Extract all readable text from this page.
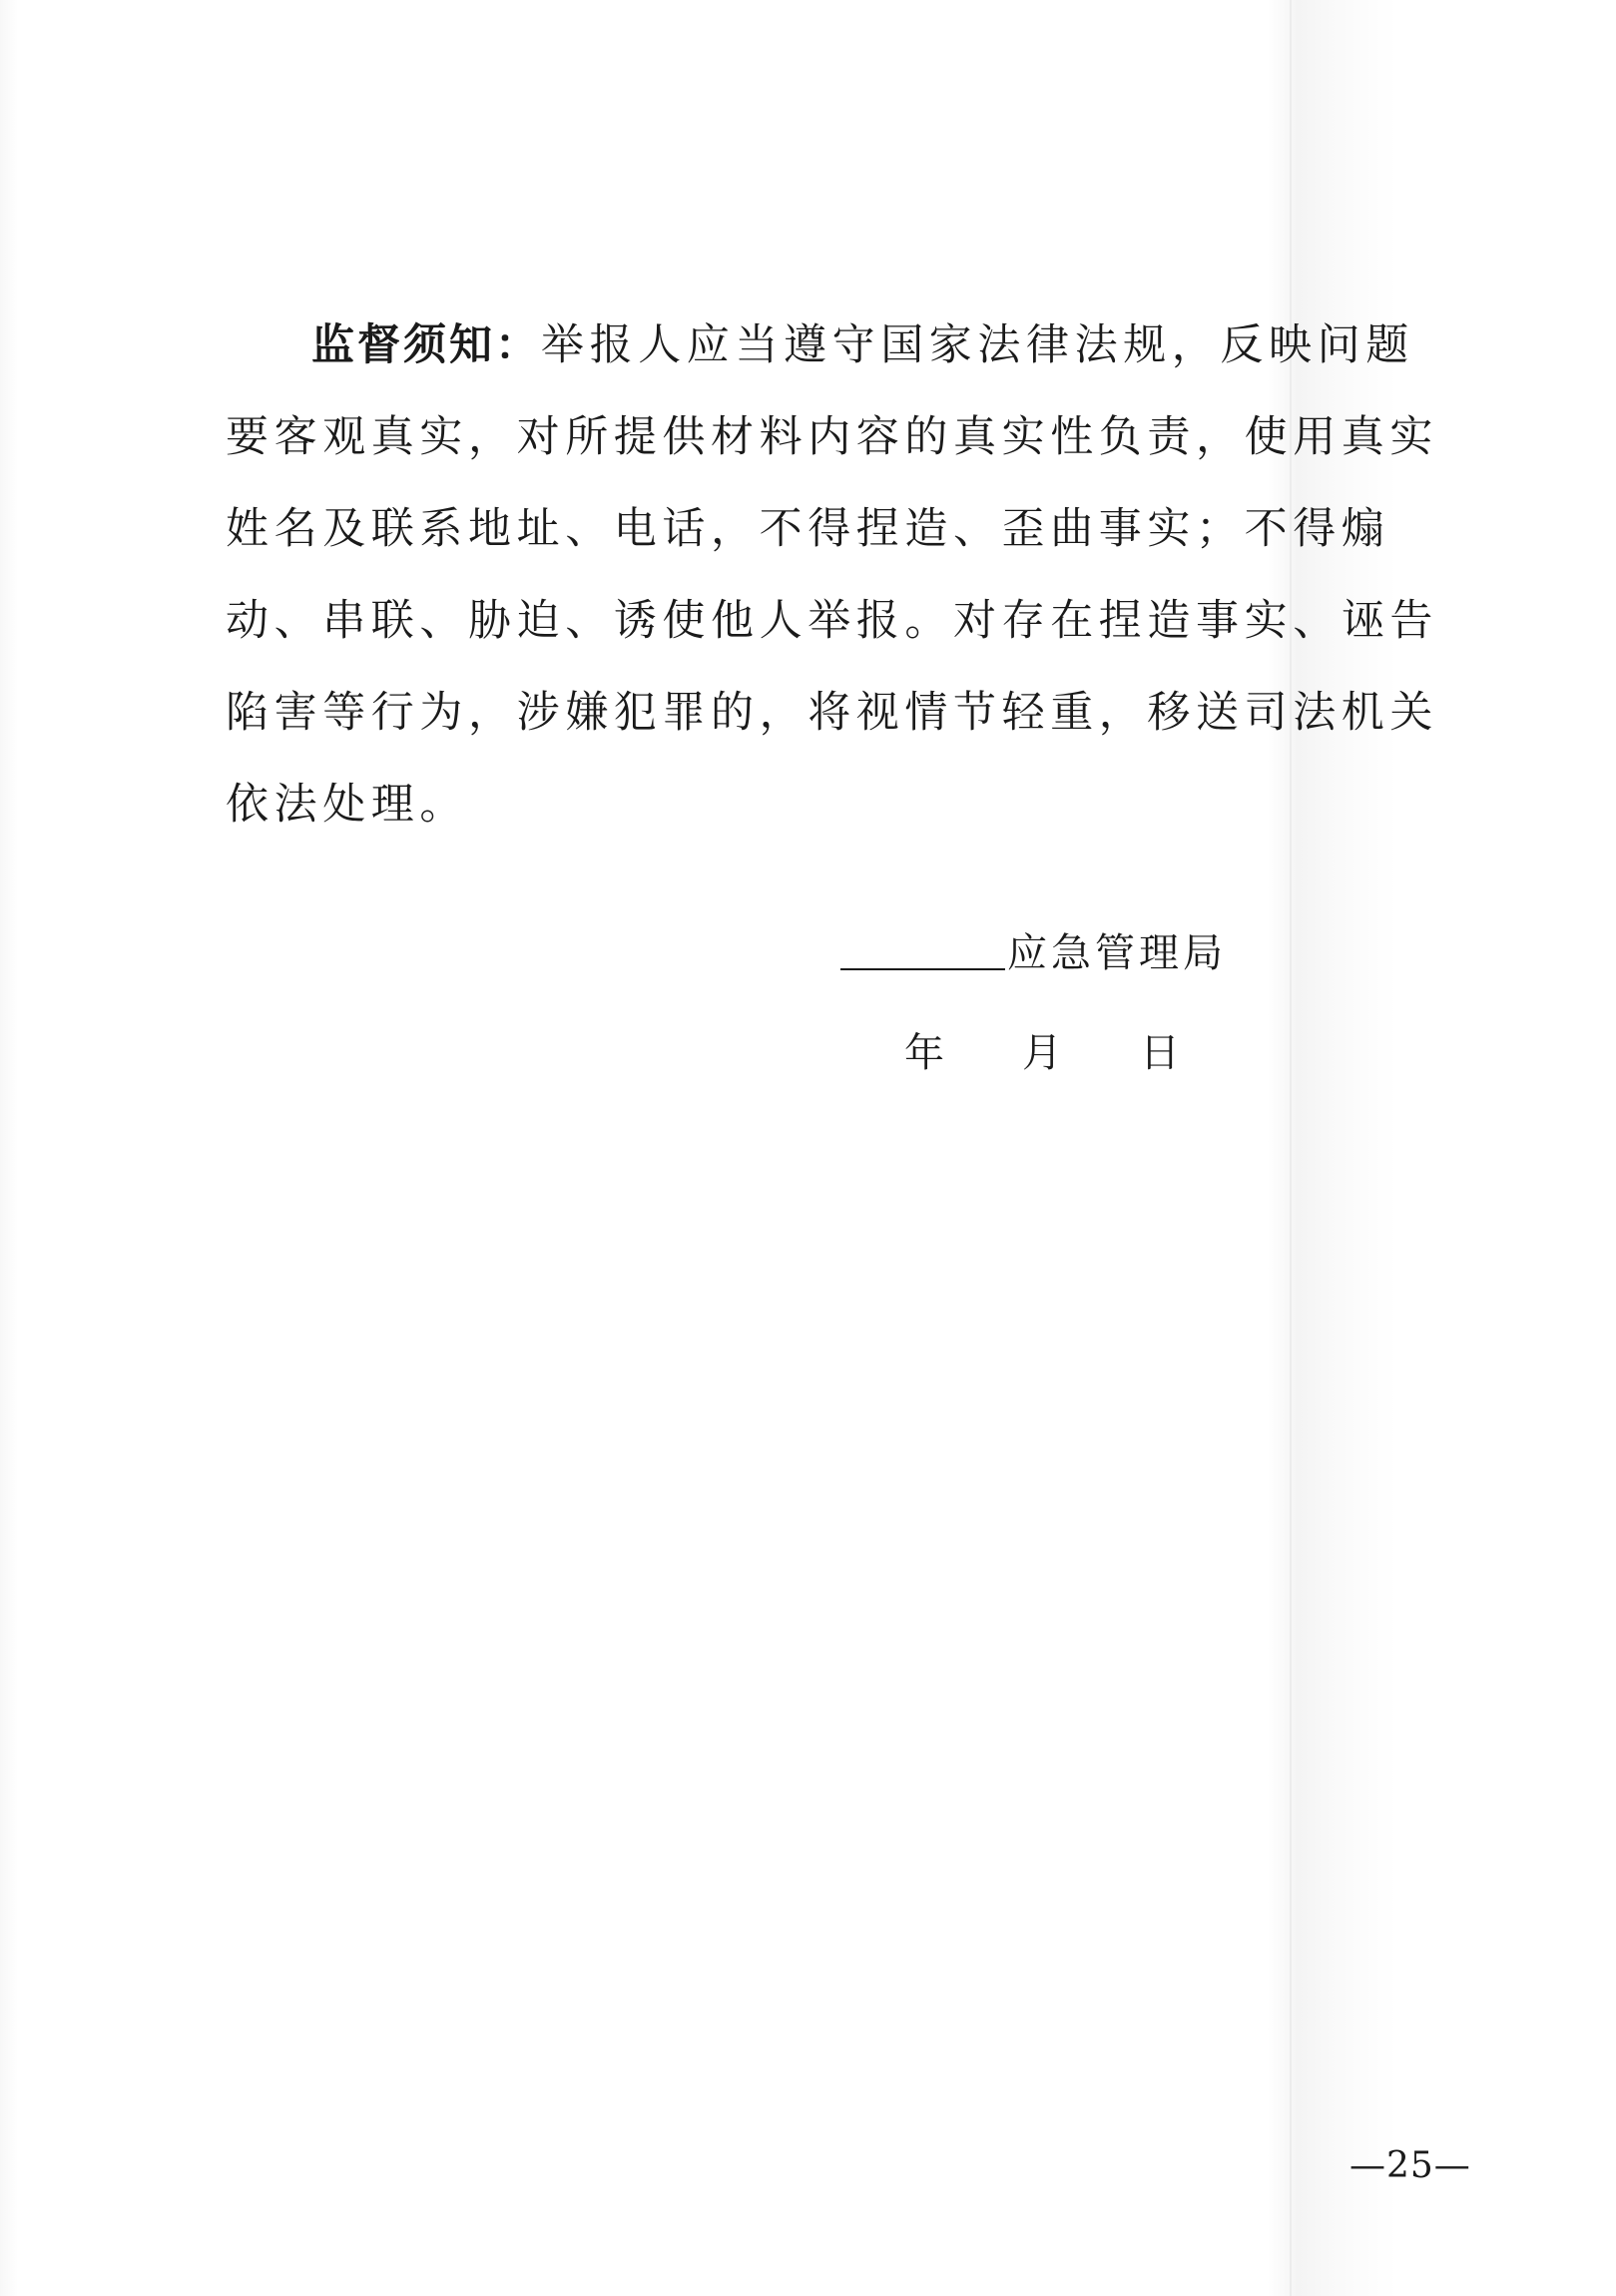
监督须知：举报人应当遵守国家法律法规，反映问题要客观真实，对所提供材料内容的真实性负责，使用真实姓名及联系地址、电话，不得捏造、歪曲事实；不得煽动、串联、胁迫、诱使他人举报。对存在捏造事实、诬告陷害等行为，涉嫌犯罪的，将视情节轻重，移送司法机关依法处理。

应急管理局
年 月 日
—25—
